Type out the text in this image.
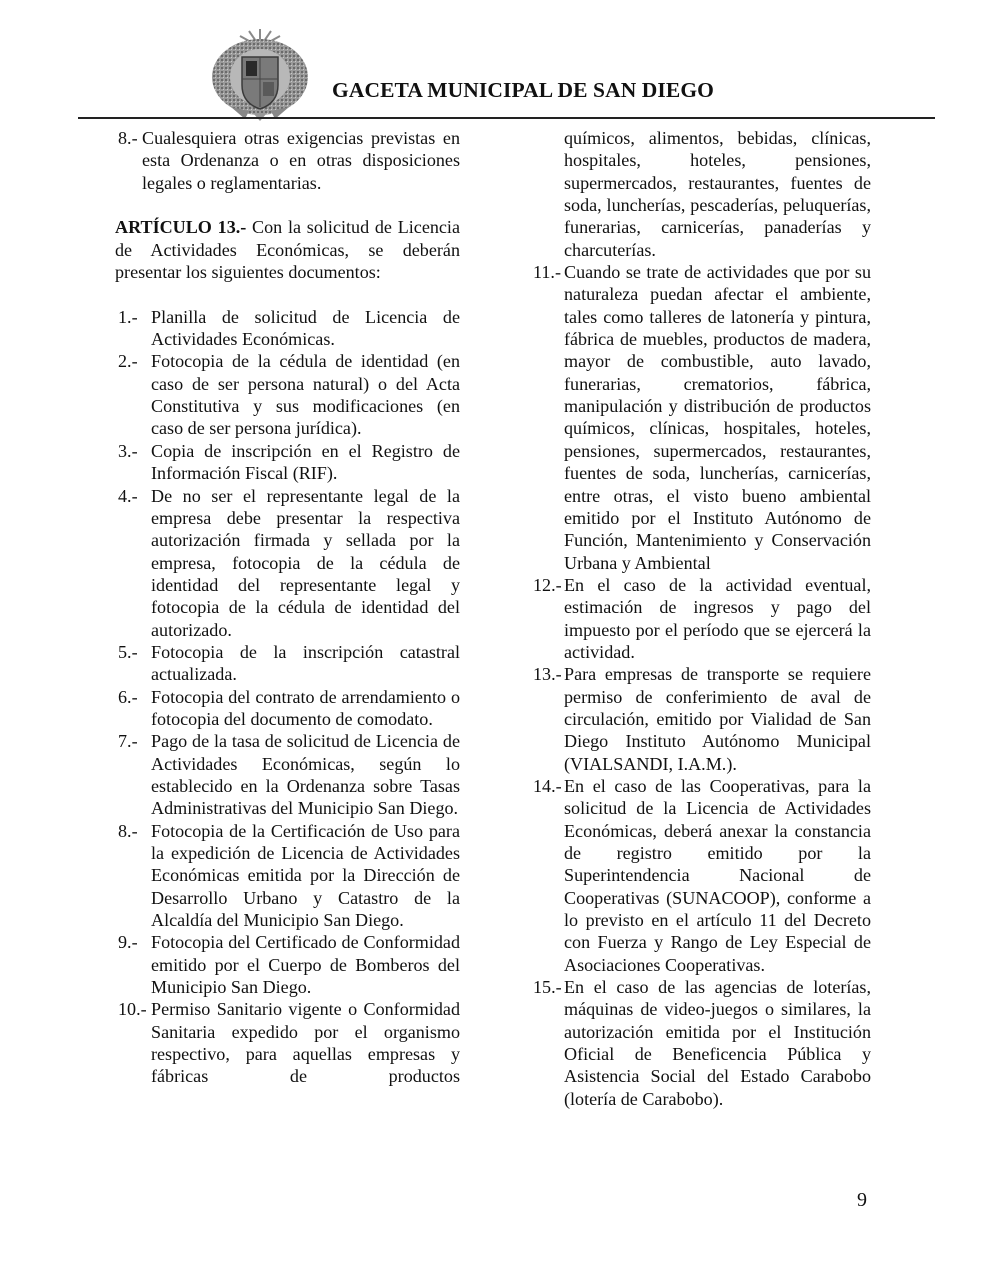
GACETA MUNICIPAL DE SAN DIEGO
8.- Cualesquiera otras exigencias previstas en esta Ordenanza o en otras disposiciones legales o reglamentarias.

ARTÍCULO 13.- Con la solicitud de Licencia de Actividades Económicas, se deberán presentar los siguientes documentos:

1.- Planilla de solicitud de Licencia de Actividades Económicas.
2.- Fotocopia de la cédula de identidad (en caso de ser persona natural) o del Acta Constitutiva y sus modificaciones (en caso de ser persona jurídica).
3.- Copia de inscripción en el Registro de Información Fiscal (RIF).
4.- De no ser el representante legal de la empresa debe presentar la respectiva autorización firmada y sellada por la empresa, fotocopia de la cédula de identidad del representante legal y fotocopia de la cédula de identidad del autorizado.
5.- Fotocopia de la inscripción catastral actualizada.
6.- Fotocopia del contrato de arrendamiento o fotocopia del documento de comodato.
7.- Pago de la tasa de solicitud de Licencia de Actividades Económicas, según lo establecido en la Ordenanza sobre Tasas Administrativas del Municipio San Diego.
8.- Fotocopia de la Certificación de Uso para la expedición de Licencia de Actividades Económicas emitida por la Dirección de Desarrollo Urbano y Catastro de la Alcaldía del Municipio San Diego.
9.- Fotocopia del Certificado de Conformidad emitido por el Cuerpo de Bomberos del Municipio San Diego.
10.- Permiso Sanitario vigente o Conformidad Sanitaria expedido por el organismo respectivo, para aquellas empresas y fábricas de productos

químicos, alimentos, bebidas, clínicas, hospitales, hoteles, pensiones, supermercados, restaurantes, fuentes de soda, luncherías, pescaderías, peluquerías, funerarias, carnicerías, panaderías y charcuterías.

11.- Cuando se trate de actividades que por su naturaleza puedan afectar el ambiente, tales como talleres de latonería y pintura, fábrica de muebles, productos de madera, mayor de combustible, auto lavado, funerarias, crematorios, fábrica, manipulación y distribución de productos químicos, clínicas, hospitales, hoteles, pensiones, supermercados, restaurantes, fuentes de soda, luncherías, carnicerías, entre otras, el visto bueno ambiental emitido por el Instituto Autónomo de Función, Mantenimiento y Conservación Urbana y Ambiental
12.- En el caso de la actividad eventual, estimación de ingresos y pago del impuesto por el período que se ejercerá la actividad.
13.- Para empresas de transporte se requiere permiso de conferimiento de aval de circulación, emitido por Vialidad de San Diego Instituto Autónomo Municipal (VIALSANDI, I.A.M.).
14.- En el caso de las Cooperativas, para la solicitud de la Licencia de Actividades Económicas, deberá anexar la constancia de registro emitido por la Superintendencia Nacional de Cooperativas (SUNACOOP), conforme a lo previsto en el artículo 11 del Decreto con Fuerza y Rango de Ley Especial de Asociaciones Cooperativas.
15.- En el caso de las agencias de loterías, máquinas de video-juegos o similares, la autorización emitida por el Institución Oficial de Beneficencia Pública y Asistencia Social del Estado Carabobo (lotería de Carabobo).
9
